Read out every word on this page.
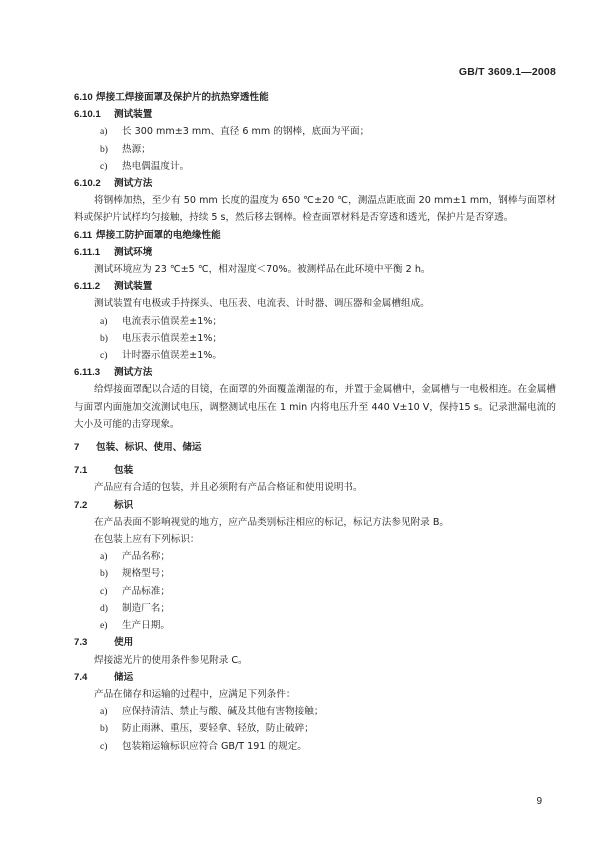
GB/T 3609.1—2008
6.10 焊接工焊接面罩及保护片的抗热穿透性能
6.10.1 测试装置
a) 长 300 mm±3 mm、直径 6 mm 的钢棒，底面为平面；
b) 热源；
c) 热电偶温度计。
6.10.2 测试方法
将钢棒加热，至少有 50 mm 长度的温度为 650 ℃±20 ℃，测温点距底面 20 mm±1 mm，钢棒与面罩材料或保护片试样均匀接触，持续 5 s，然后移去钢棒。检查面罩材料是否穿透和透光，保护片是否穿透。
6.11 焊接工防护面罩的电绝缘性能
6.11.1 测试环境
测试环境应为 23 ℃±5 ℃，相对湿度＜70%。被测样品在此环境中平衡 2 h。
6.11.2 测试装置
测试装置有电极或手持探头、电压表、电流表、计时器、调压器和金属槽组成。
a) 电流表示值误差±1%；
b) 电压表示值误差±1%；
c) 计时器示值误差±1%。
6.11.3 测试方法
给焊接面罩配以合适的目镜，在面罩的外面覆盖潮湿的布，并置于金属槽中，金属槽与一电极相连。在金属槽与面罩内面施加交流测试电压，调整测试电压在 1 min 内将电压升至 440 V±10 V，保持15 s。记录泄漏电流的大小及可能的击穿现象。
7 包装、标识、使用、储运
7.1	包装
产品应有合适的包装，并且必须附有产品合格证和使用说明书。
7.2	标识
在产品表面不影响视觉的地方，应产品类别标注相应的标记，标记方法参见附录 B。
在包装上应有下列标识：
a) 产品名称；
b) 规格型号；
c) 产品标准；
d) 制造厂名；
e) 生产日期。
7.3	使用
焊接滤光片的使用条件参见附录 C。
7.4	储运
产品在储存和运输的过程中，应满足下列条件：
a) 应保持清洁、禁止与酸、碱及其他有害物接触；
b) 防止雨淋、重压，要轻拿、轻放，防止破碎；
c) 包装箱运输标识应符合 GB/T 191 的规定。
9
